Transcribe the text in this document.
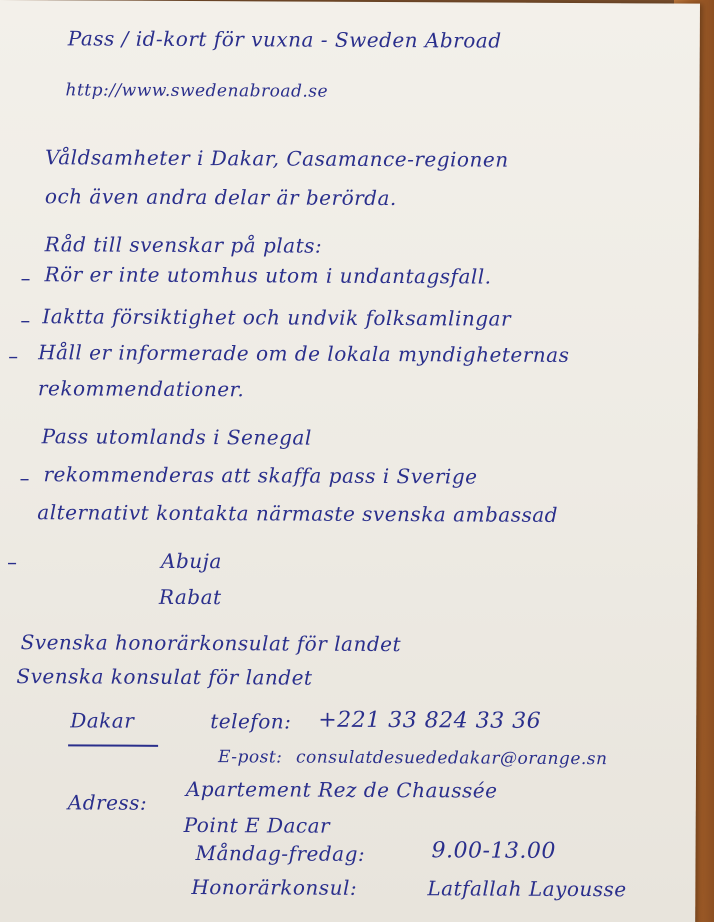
Pass / id-kort för vuxna - Sweden Abroad
http://www.swedenabroad.se
Våldsamheter i Dakar, Casamance-regionen
och även andra delar är berörda.
Råd till svenskar på plats:
– Rör er inte utomhus utom i undantagsfall.
– Iaktta försiktighet och undvik folksamlingar
– Håll er informerade om de lokala myndigheternas
rekommendationer.
Pass utomlands i Senegal
– rekommenderas att skaffa pass i Sverige
alternativt kontakta närmaste svenska ambassad
–	Abuja
Rabat
Svenska honorärkonsulat för landet
Svenska konsulat för landet
Dakar	telefon: +221 33 824 33 36
E-post: consulatdesuededakar@orange.sn
Adress: Apartement Rez de Chaussée
Point E Dacar
Måndag-fredag:	9.00-13.00
Honorärkonsul:	Latfallah Layousse
